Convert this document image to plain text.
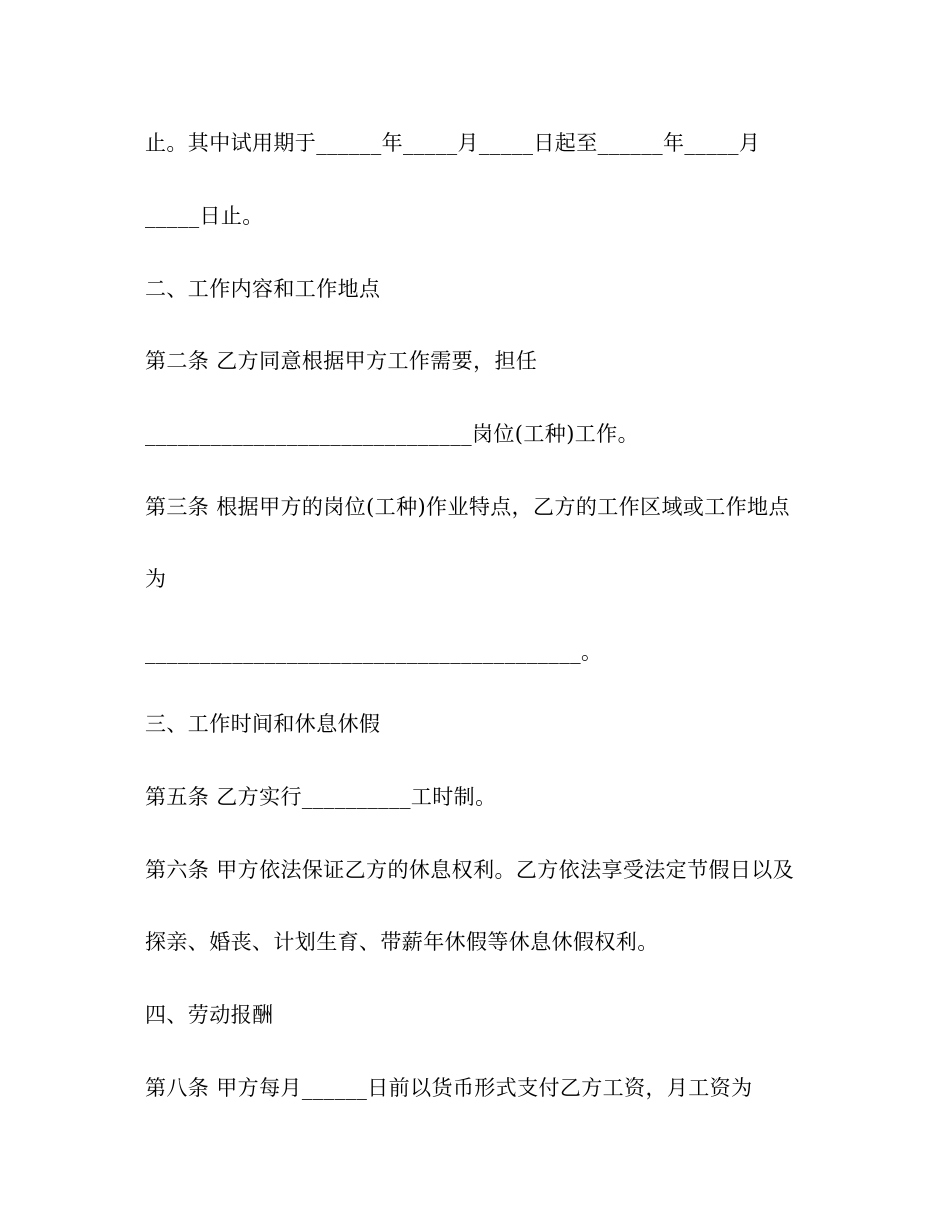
止。其中试用期于______年_____月_____日起至______年_____月
_____日止。
二、工作内容和工作地点
第二条 乙方同意根据甲方工作需要，担任
______________________________岗位(工种)工作。
第三条 根据甲方的岗位(工种)作业特点，乙方的工作区域或工作地点
为
________________________________________。
三、工作时间和休息休假
第五条 乙方实行__________工时制。
第六条 甲方依法保证乙方的休息权利。乙方依法享受法定节假日以及
探亲、婚丧、计划生育、带薪年休假等休息休假权利。
四、劳动报酬
第八条 甲方每月______日前以货币形式支付乙方工资，月工资为
